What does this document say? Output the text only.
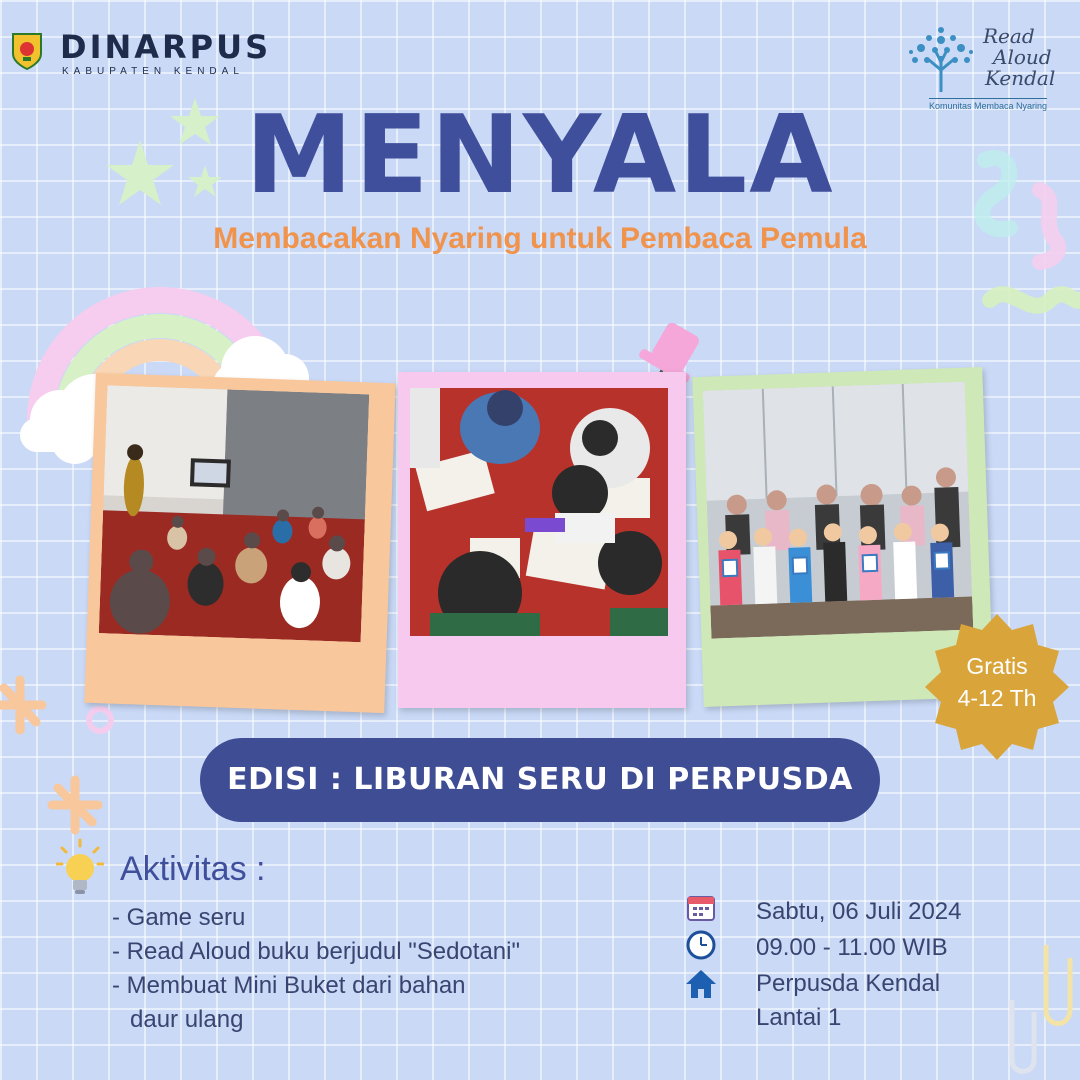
DINARPUS
KABUPATEN KENDAL
Read
Aloud
Kendal
Komunitas Membaca Nyaring
MENYALA
Membacakan Nyaring untuk Pembaca Pemula
Gratis
4-12 Th
EDISI : LIBURAN SERU DI PERPUSDA
Aktivitas :
- Game seru
- Read Aloud buku berjudul "Sedotani"
- Membuat Mini Buket dari bahan
daur ulang
Sabtu, 06 Juli 2024
09.00 - 11.00 WIB
Perpusda Kendal
Lantai 1
